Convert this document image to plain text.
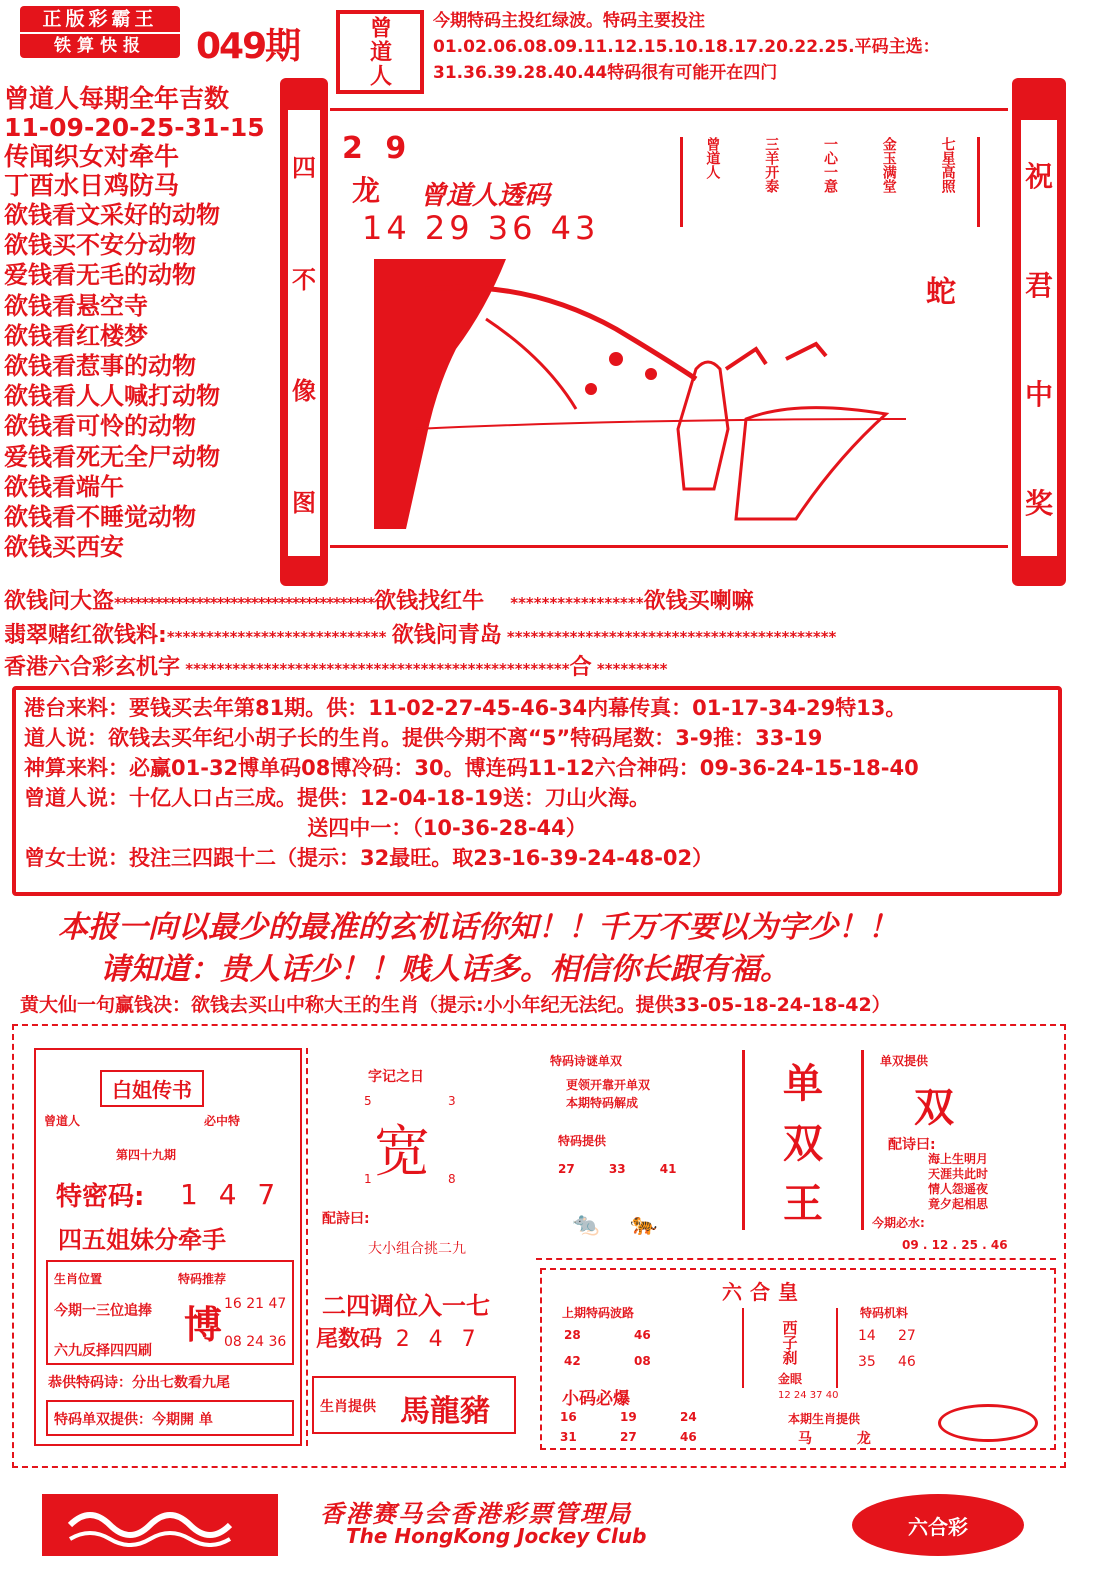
正版彩霸王
铁算快报	049期	曾道人 今期特码主投红绿波。特码主要投注01.02.06.08.09.11.12.15.10.18.17.20.22.25.平码主选：31.36.39.28.40.44特码很有可能开在四门
曾道人每期全年吉数
11-09-20-25-31-15
传闻织女对牵牛
丁酉水日鸡防马
欲钱看文采好的动物
欲钱买不安分动物
爱钱看无毛的动物
欲钱看悬空寺
欲钱看红楼梦
欲钱看惹事的动物
欲钱看人人喊打动物
欲钱看可怜的动物
爱钱看死无全尸动物
欲钱看端午
欲钱看不睡觉动物
欲钱买西安
四
不
像
图
2 9
龙 曾道人透码
14 29 36 43
曾道人	三羊开泰	一心一意	金玉满堂	七星高照
蛇
祝
君
中
奖
欲钱问大盗**************************************欲钱找红牛     *****************欲钱买喇嘛
翡翠赌红欲钱料:**************************** 欲钱问青岛 ******************************************
香港六合彩玄机字 *************************************************合 *********

港台来料：要钱买去年第81期。供：11-02-27-45-46-34内幕传真：01-17-34-29特13。

道人说：欲钱去买年纪小胡子长的生肖。提供今期不离“5”特码尾数：3-9推：33-19

神算来料：必赢01-32博单码08博冷码：30。博连码11-12六合神码：09-36-24-15-18-40

曾道人说：十亿人口占三成。提供：12-04-18-19送：刀山火海。

送四中一：（10-36-28-44）

曾女士说：投注三四跟十二（提示：32最旺。取23-16-39-24-48-02）

本报一向以最少的最准的玄机话你知！！千万不要以为字少！！
请知道：贵人话少！！贱人话多。相信你长跟有福。
黄大仙一句赢钱决：欲钱去买山中称大王的生肖（提示:小小年纪无法纪。提供33-05-18-24-18-42）
白姐传书
曾道人	必中特
第四十九期
特密码: 1 4 7
四五姐妹分牵手
生肖位置
今期一三位追捧
六九反择四四刷
特码推荐
博 16 21 47
08 24 36
恭供特码诗：分出七数看九尾
特码单双提供：今期開 单
字记之日
5	3
宽
1	8
配詩曰:
大小组合挑二九
二四调位入一七
尾数码 2 4 7
生肖提供 馬龍豬
特码诗谜单双
更领开靠开单双
本期特码解成
特码提供
27	33	41
🐀    🐅
单
双
王
单双提供
双
配诗曰:
海上生明月
天涯共此时
情人怨遥夜
竟夕起相思
今期必水:
09 . 12 . 25 . 46
六合皇
上期特码波路
28	46
42	08
小码必爆
16	19	24
31	27	46
西子刹
金眼
特码机料
14	27
35	46
12 24 37 40
本期生肖提供
马 龙
香港赛马会香港彩票管理局
The HongKong Jockey Club	六合彩
